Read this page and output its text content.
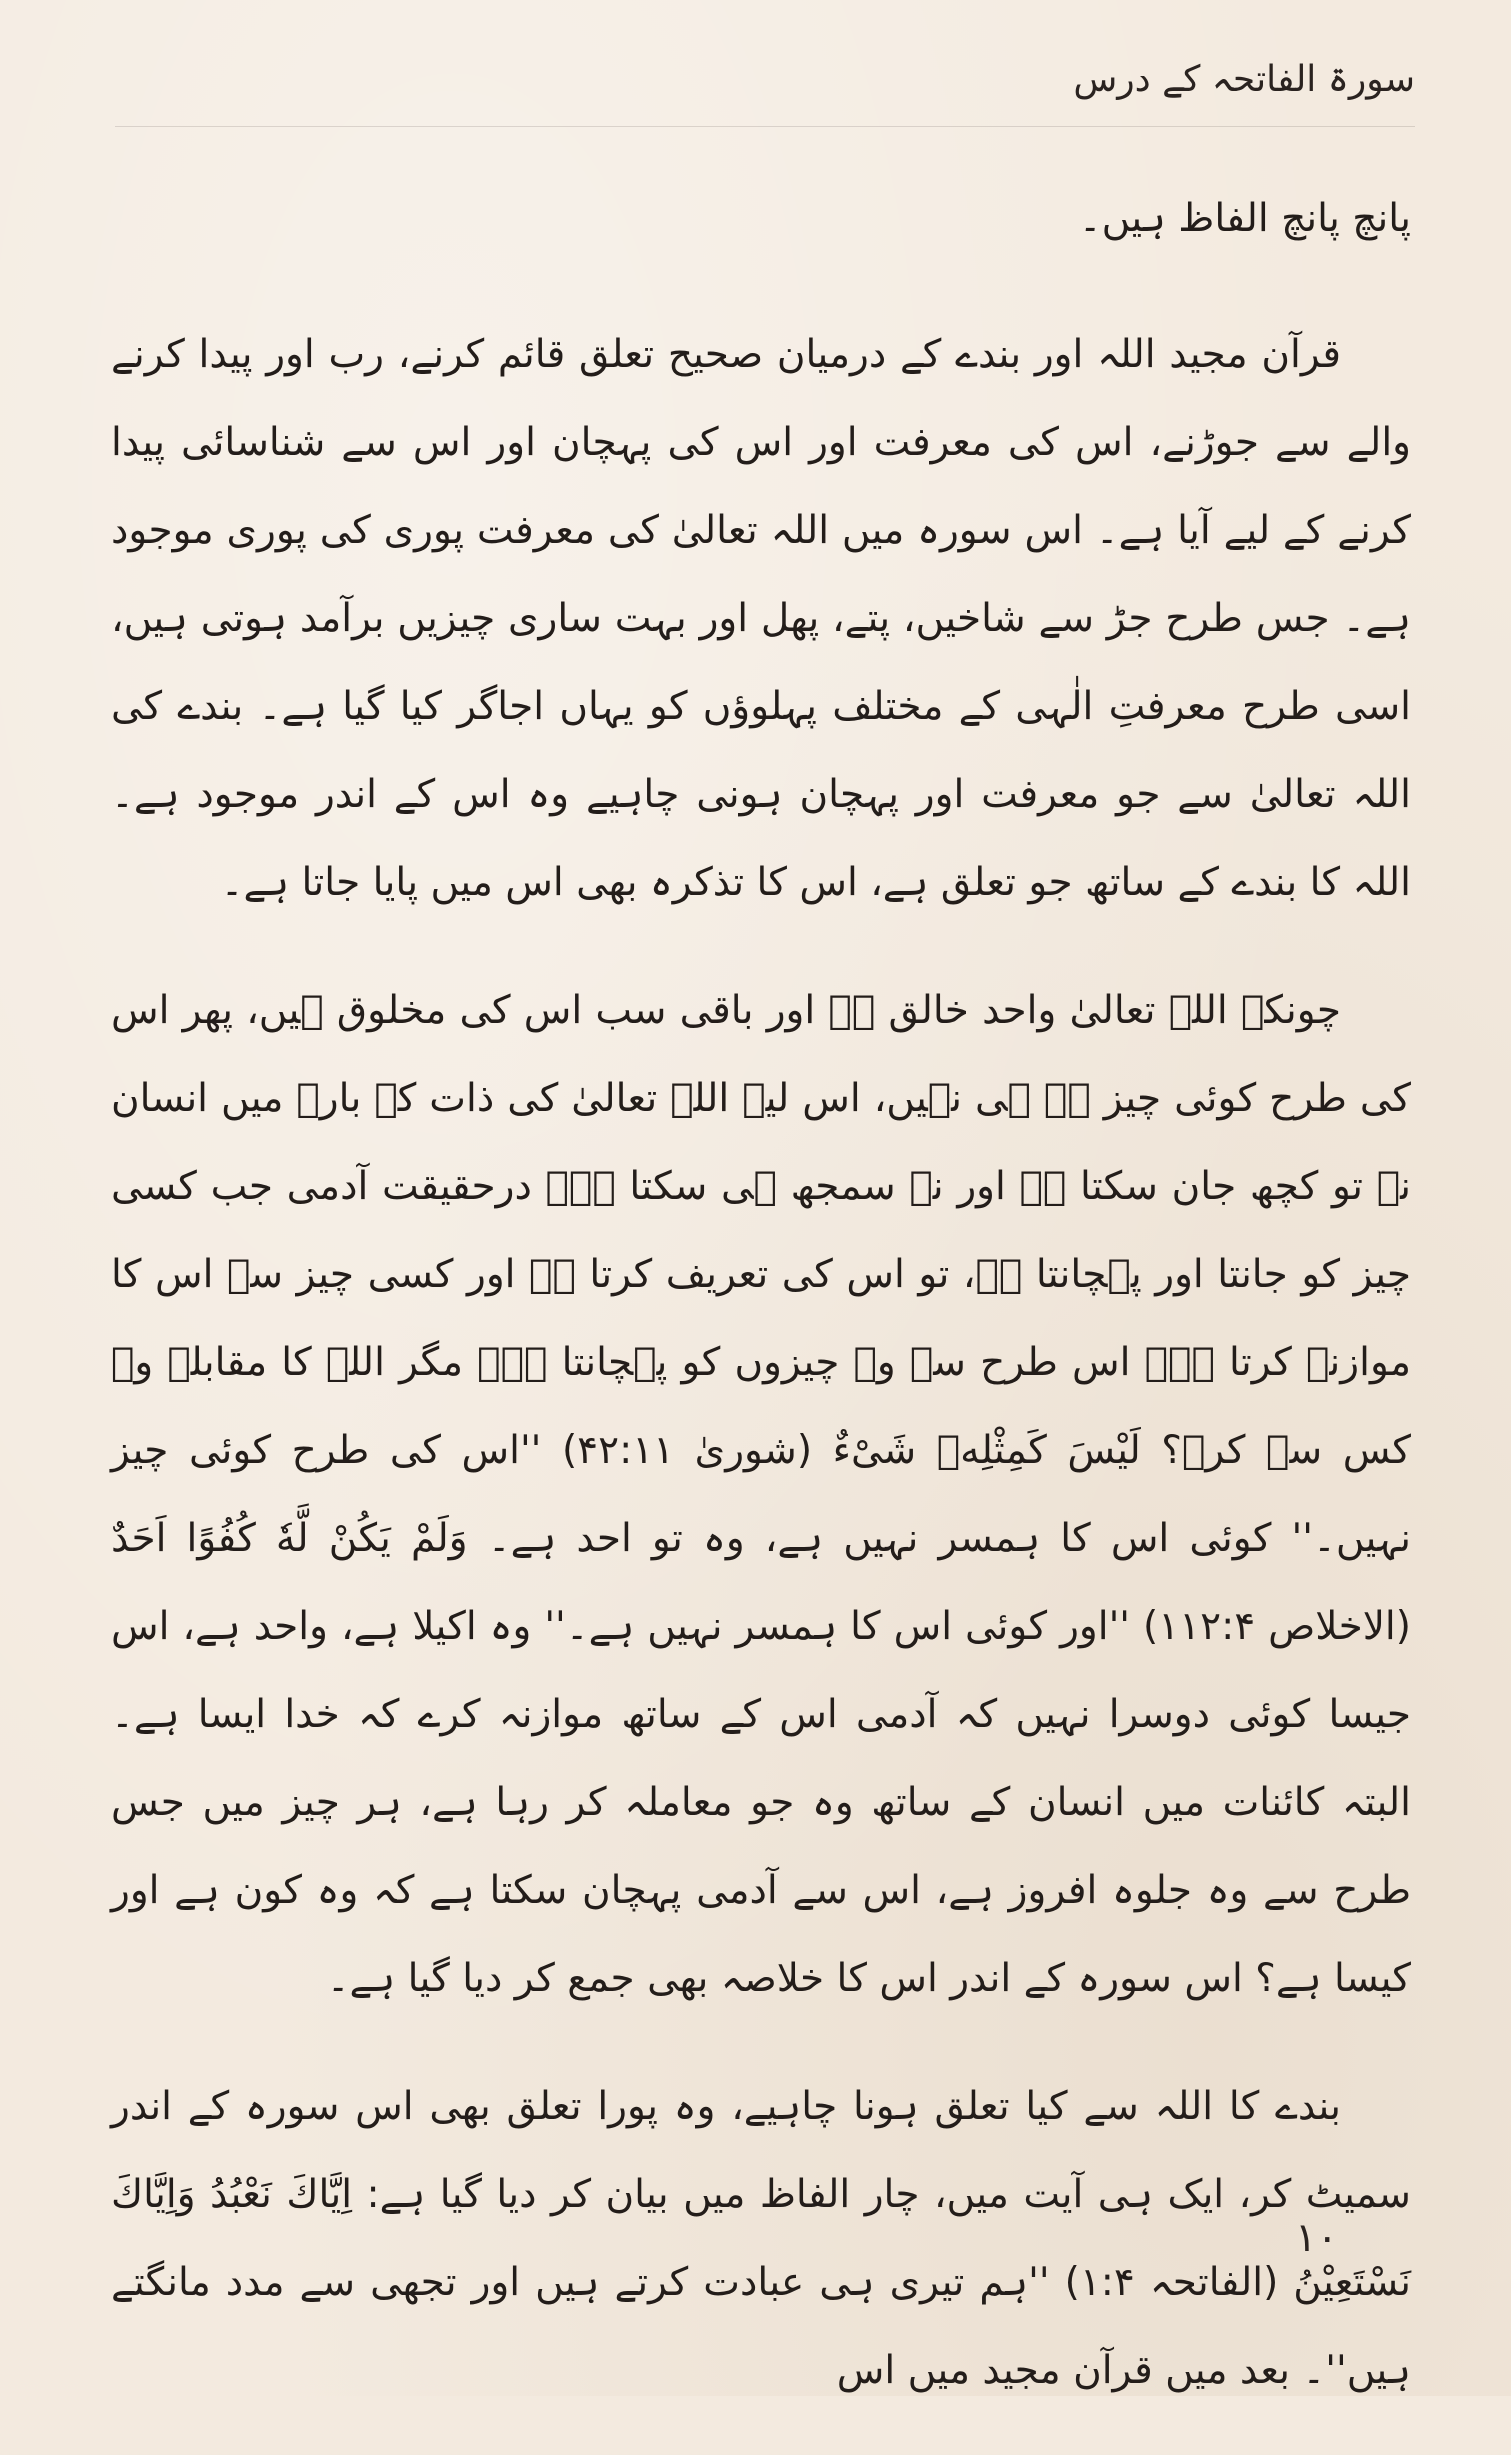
سورۃ الفاتحہ کے درس

پانچ پانچ الفاظ ہیں۔

قرآن مجید اللہ اور بندے کے درمیان صحیح تعلق قائم کرنے، رب اور پیدا کرنے والے سے جوڑنے، اس کی معرفت اور اس کی پہچان اور اس سے شناسائی پیدا کرنے کے لیے آیا ہے۔ اس سورہ میں اللہ تعالیٰ کی معرفت پوری کی پوری موجود ہے۔ جس طرح جڑ سے شاخیں، پتے، پھل اور بہت ساری چیزیں برآمد ہوتی ہیں، اسی طرح معرفتِ الٰہی کے مختلف پہلوؤں کو یہاں اجاگر کیا گیا ہے۔ بندے کی اللہ تعالیٰ سے جو معرفت اور پہچان ہونی چاہیے وہ اس کے اندر موجود ہے۔ اللہ کا بندے کے ساتھ جو تعلق ہے، اس کا تذکرہ بھی اس میں پایا جاتا ہے۔

چونکہ اللہ تعالیٰ واحد خالق ہے اور باقی سب اس کی مخلوق ہیں، پھر اس کی طرح کوئی چیز ہے ہی نہیں، اس لیے اللہ تعالیٰ کی ذات کے بارے میں انسان نہ تو کچھ جان سکتا ہے اور نہ سمجھ ہی سکتا ہے۔ درحقیقت آدمی جب کسی چیز کو جانتا اور پہچانتا ہے، تو اس کی تعریف کرتا ہے اور کسی چیز سے اس کا موازنہ کرتا ہے۔ اس طرح سے وہ چیزوں کو پہچانتا ہے۔ مگر اللہ کا مقابلہ وہ کس سے کرے؟ لَیْسَ کَمِثْلِهٖ شَیْءٌ (شوریٰ ۴۲:۱۱) ''اس کی طرح کوئی چیز نہیں۔'' کوئی اس کا ہمسر نہیں ہے، وہ تو احد ہے۔ وَلَمْ یَکُنْ لَّهٗ کُفُوًا اَحَدٌ (الاخلاص ۱۱۲:۴) ''اور کوئی اس کا ہمسر نہیں ہے۔'' وہ اکیلا ہے، واحد ہے، اس جیسا کوئی دوسرا نہیں کہ آدمی اس کے ساتھ موازنہ کرے کہ خدا ایسا ہے۔ البتہ کائنات میں انسان کے ساتھ وہ جو معاملہ کر رہا ہے، ہر چیز میں جس طرح سے وہ جلوہ افروز ہے، اس سے آدمی پہچان سکتا ہے کہ وہ کون ہے اور کیسا ہے؟ اس سورہ کے اندر اس کا خلاصہ بھی جمع کر دیا گیا ہے۔

بندے کا اللہ سے کیا تعلق ہونا چاہیے، وہ پورا تعلق بھی اس سورہ کے اندر سمیٹ کر، ایک ہی آیت میں، چار الفاظ میں بیان کر دیا گیا ہے: اِیَّاكَ نَعْبُدُ وَاِیَّاكَ نَسْتَعِیْنُ (الفاتحہ ۱:۴) ''ہم تیری ہی عبادت کرتے ہیں اور تجھی سے مدد مانگتے ہیں''۔ بعد میں قرآن مجید میں اس

۱۰
